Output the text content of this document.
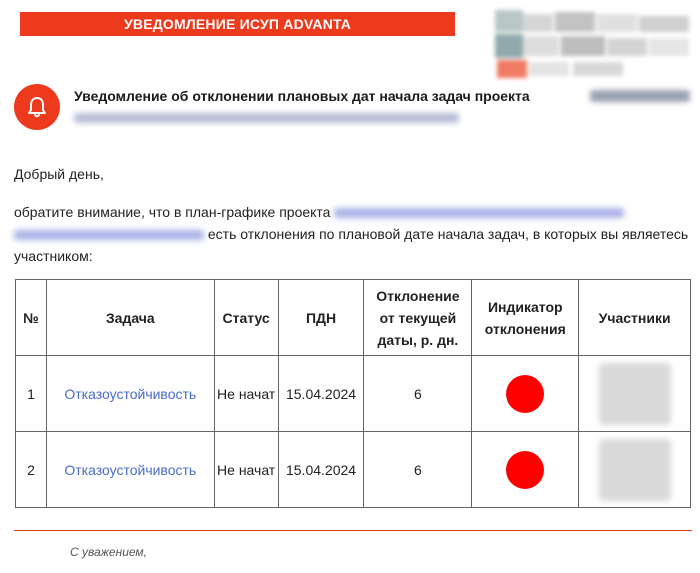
УВЕДОМЛЕНИЕ ИСУП ADVANTA
Уведомление об отклонении плановых дат начала задач проекта
Добрый день,
обратите внимание, что в план-графике проекта
есть отклонения по плановой дате начала задач, в которых вы являетесь участником:
№	Задача	Статус	ПДН	Отклонение от текущей даты, р. дн.	Индикатор отклонения	Участники
1	Отказоустойчивость	Не начат	15.04.2024	6		

2	Отказоустойчивость	Не начат	15.04.2024	6		
С уважением,
